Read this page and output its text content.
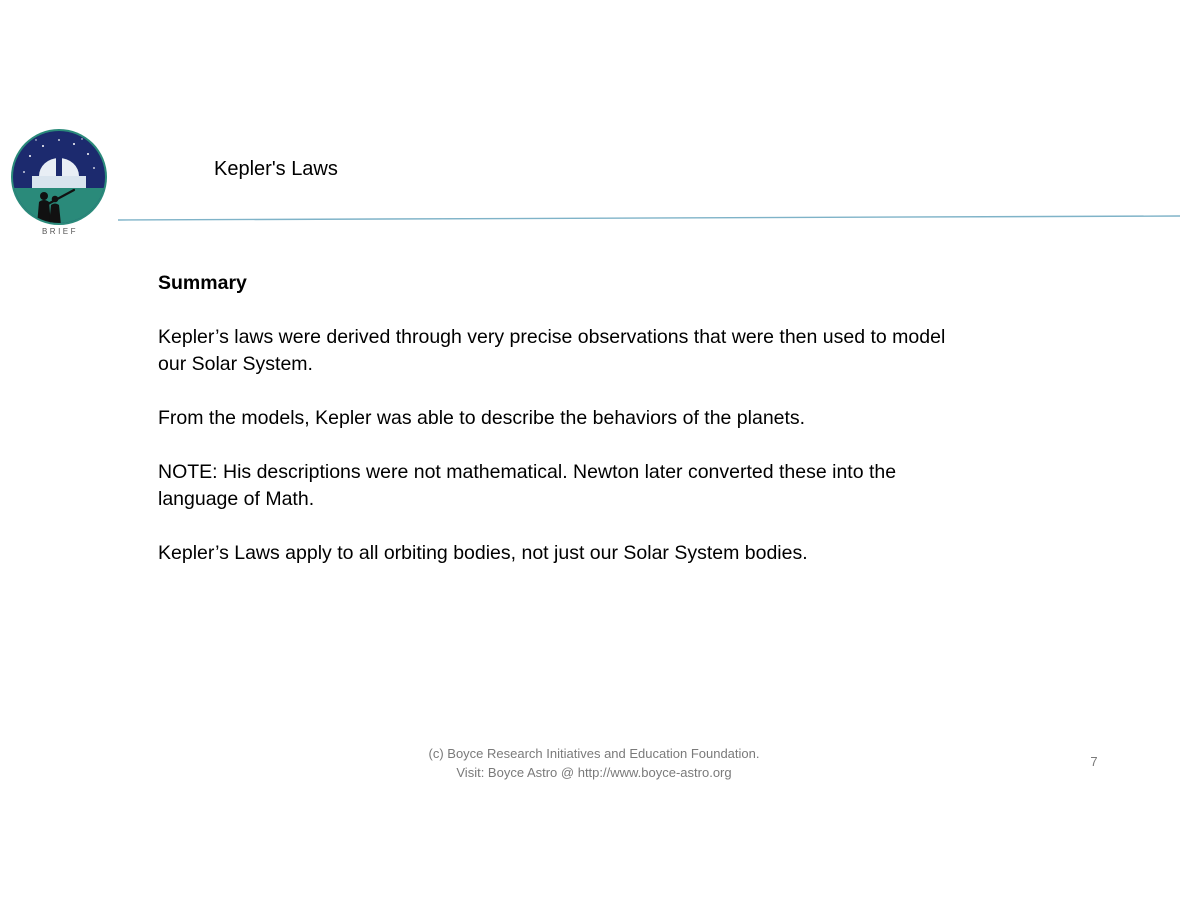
BRIEF
Kepler's Laws
Summary

Kepler’s laws were derived through very precise observations that were then used to model our Solar System.

From the models, Kepler was able to describe the behaviors of the planets.

NOTE: His descriptions were not mathematical. Newton later converted these into the language of Math.

Kepler’s Laws apply to all orbiting bodies, not just our Solar System bodies.

(c) Boyce Research Initiatives and Education Foundation.
Visit: Boyce Astro @ http://www.boyce-astro.org
7
